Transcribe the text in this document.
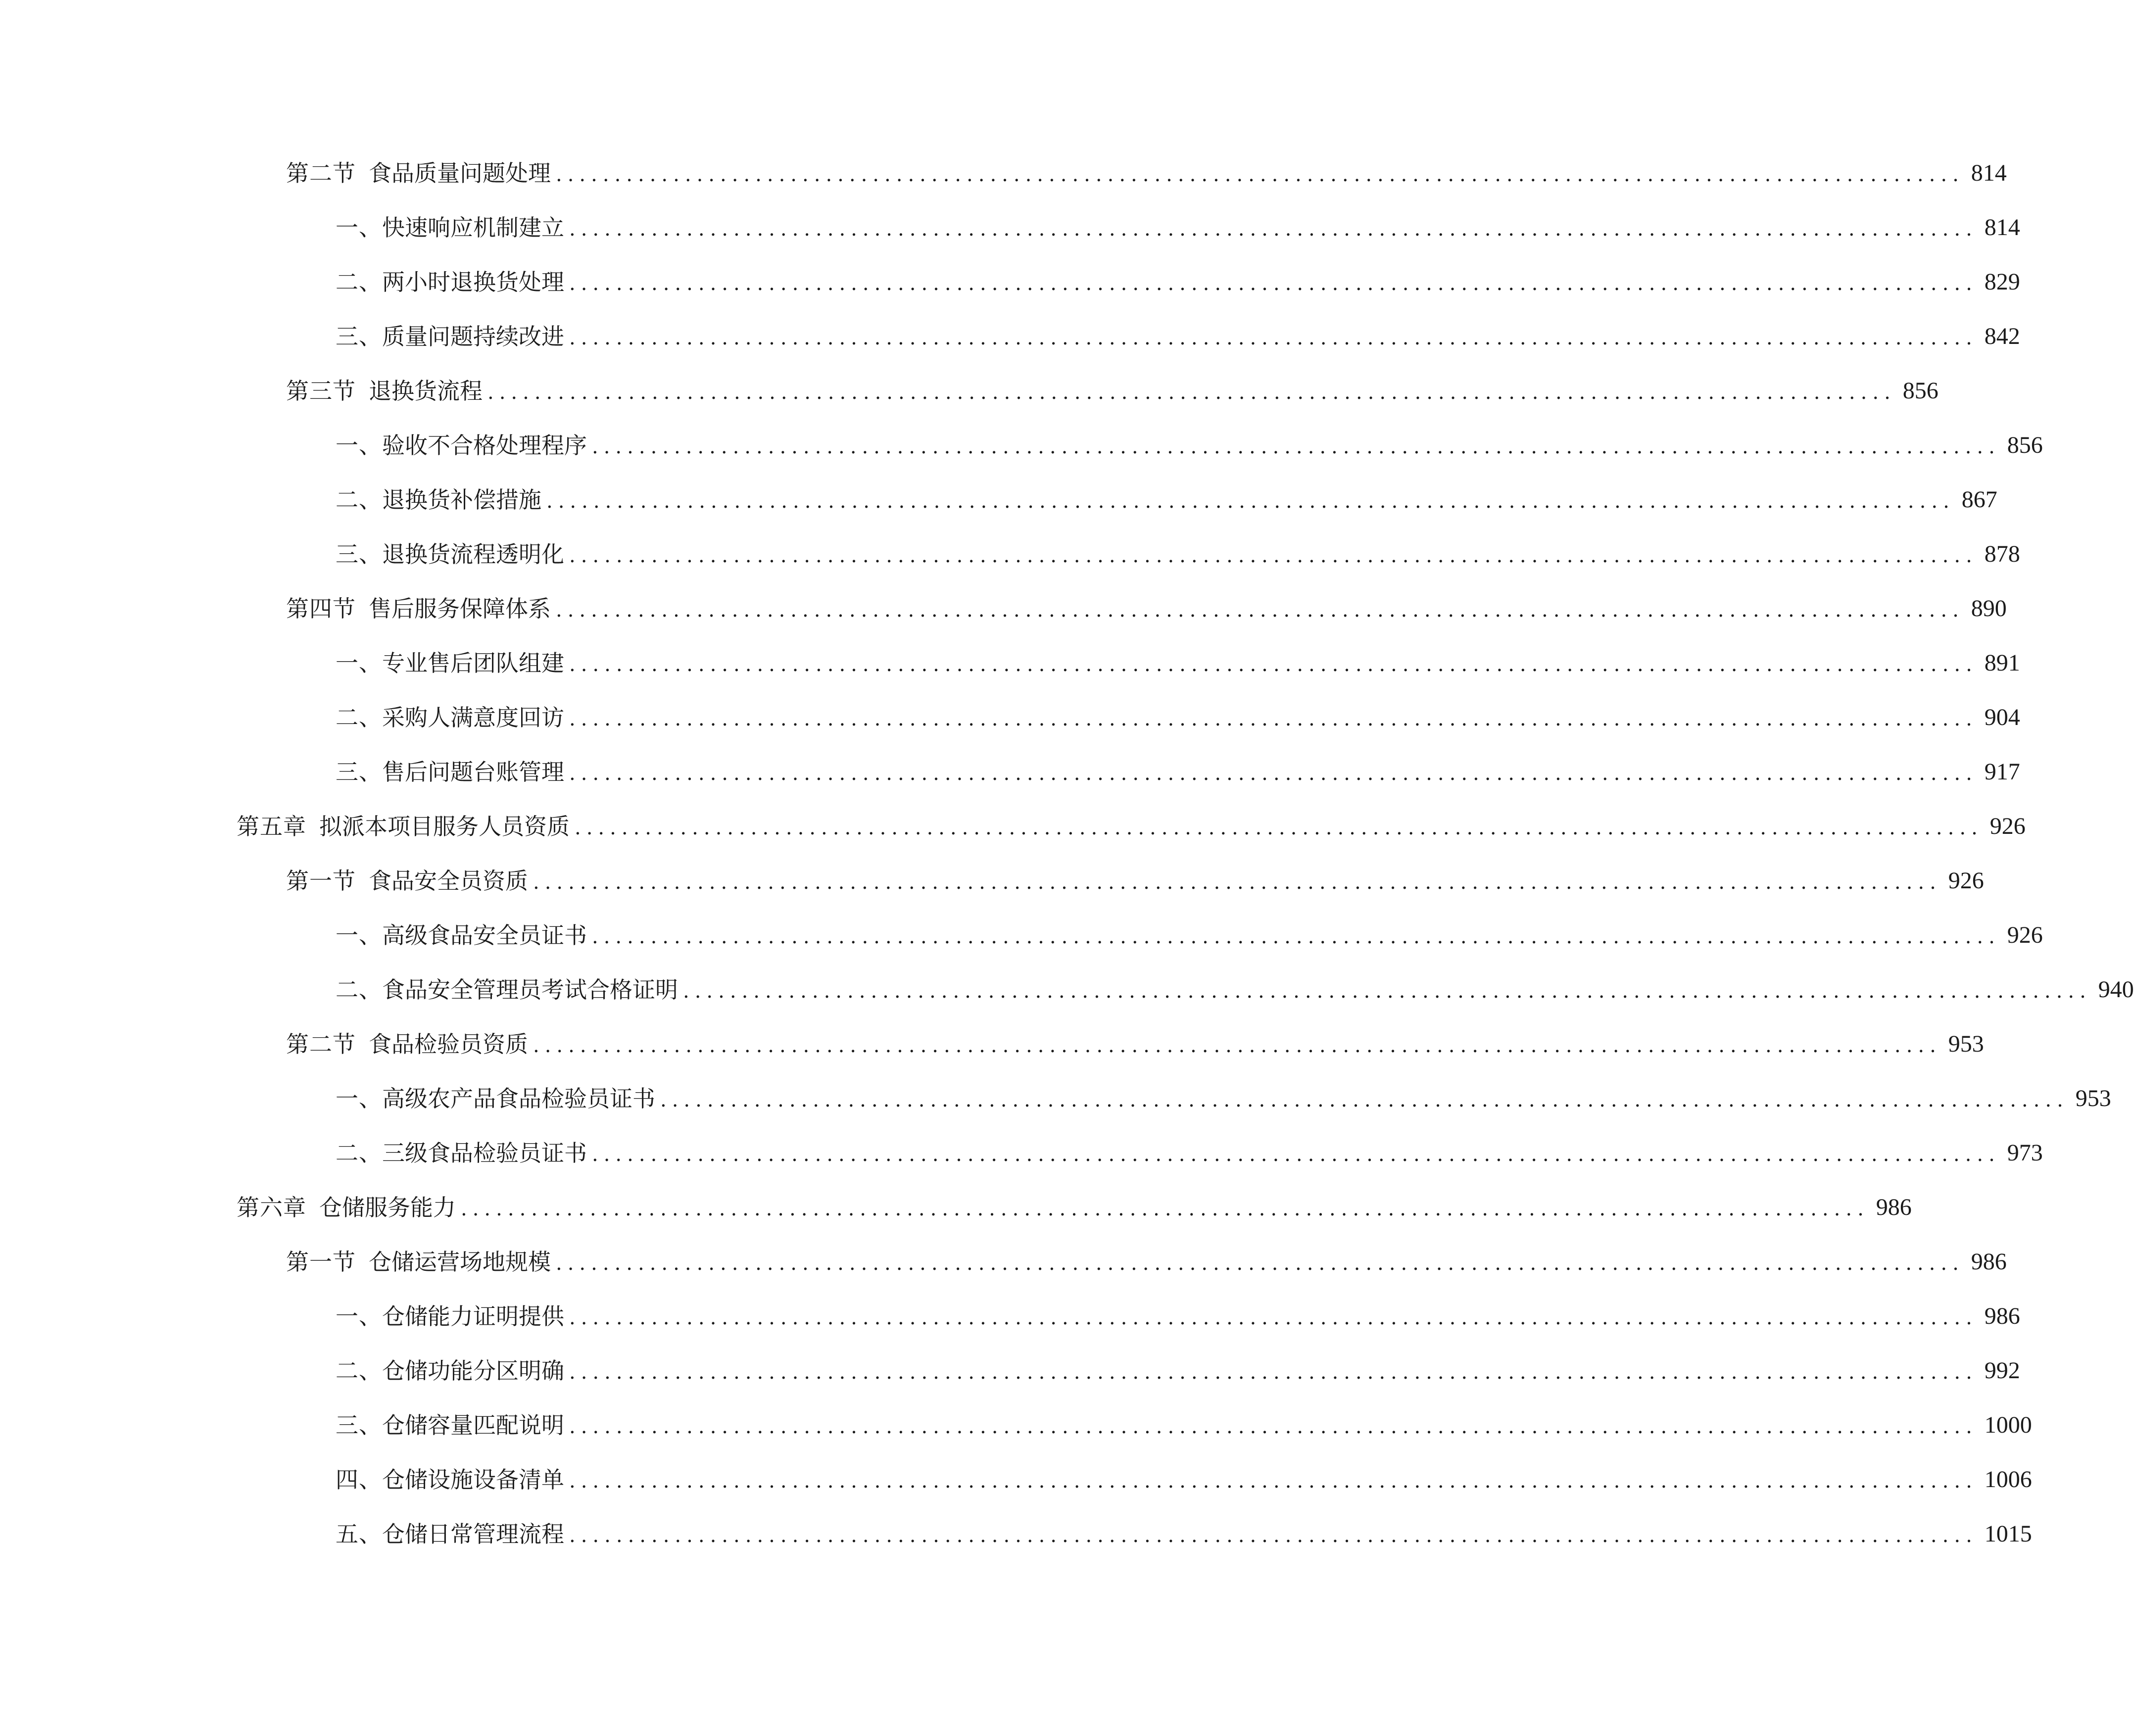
第二节 食品质量问题处理 ........................................................................................................................ 814
一、 快速响应机制建立 ........................................................................................................................ 814
二、 两小时退换货处理 ........................................................................................................................ 829
三、 质量问题持续改进 ........................................................................................................................ 842
第三节 退换货流程 ........................................................................................................................ 856
一、 验收不合格处理程序 ........................................................................................................................ 856
二、 退换货补偿措施 ........................................................................................................................ 867
三、 退换货流程透明化 ........................................................................................................................ 878
第四节 售后服务保障体系 ........................................................................................................................ 890
一、 专业售后团队组建 ........................................................................................................................ 891
二、 采购人满意度回访 ........................................................................................................................ 904
三、 售后问题台账管理 ........................................................................................................................ 917
第五章 拟派本项目服务人员资质 ........................................................................................................................ 926
第一节 食品安全员资质 ........................................................................................................................ 926
一、 高级食品安全员证书 ........................................................................................................................ 926
二、 食品安全管理员考试合格证明 ........................................................................................................................ 940
第二节 食品检验员资质 ........................................................................................................................ 953
一、 高级农产品食品检验员证书 ........................................................................................................................ 953
二、 三级食品检验员证书 ........................................................................................................................ 973
第六章 仓储服务能力 ........................................................................................................................ 986
第一节 仓储运营场地规模 ........................................................................................................................ 986
一、 仓储能力证明提供 ........................................................................................................................ 986
二、 仓储功能分区明确 ........................................................................................................................ 992
三、 仓储容量匹配说明 ........................................................................................................................ 1000
四、 仓储设施设备清单 ........................................................................................................................ 1006
五、 仓储日常管理流程 ........................................................................................................................ 1015
